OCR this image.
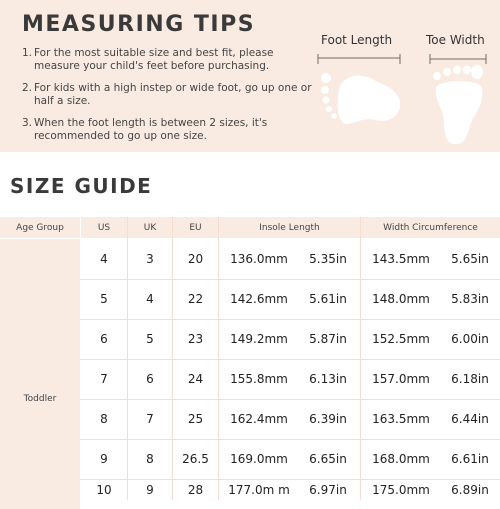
MEASURING TIPS
1. For the most suitable size and best fit, please measure your child's feet before purchasing.
2. For kids with a high instep or wide foot, go up one or half a size.
3. When the foot length is between 2 sizes, it's recommended to go up one size.
Foot Length	Toe Width
SIZE GUIDE
Age Group	US	UK	EU	Insole Length	Width Circumference
Toddler
4	3	20	136.0mm	5.35in	143.5mm	5.65in
5	4	22	142.6mm	5.61in	148.0mm	5.83in
6	5	23	149.2mm	5.87in	152.5mm	6.00in
7	6	24	155.8mm	6.13in	157.0mm	6.18in
8	7	25	162.4mm	6.39in	163.5mm	6.44in
9	8	26.5	169.0mm	6.65in	168.0mm	6.61in
10	9	28	177.0m m	6.97in	175.0mm	6.89in
